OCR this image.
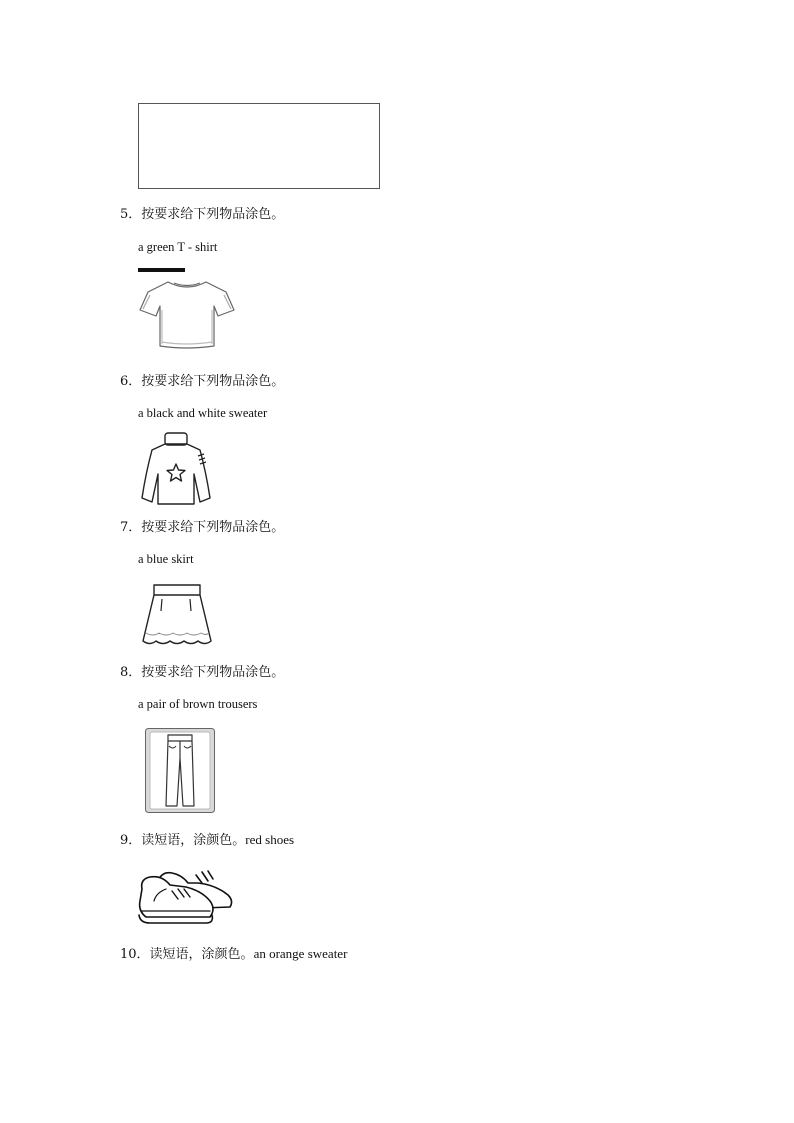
5．按要求给下列物品涂色。
a green T - shirt
6．按要求给下列物品涂色。
a black and white sweater
7．按要求给下列物品涂色。
a blue skirt
8．按要求给下列物品涂色。
a pair of brown trousers
9．读短语，涂颜色。red shoes
10．读短语，涂颜色。an orange sweater
